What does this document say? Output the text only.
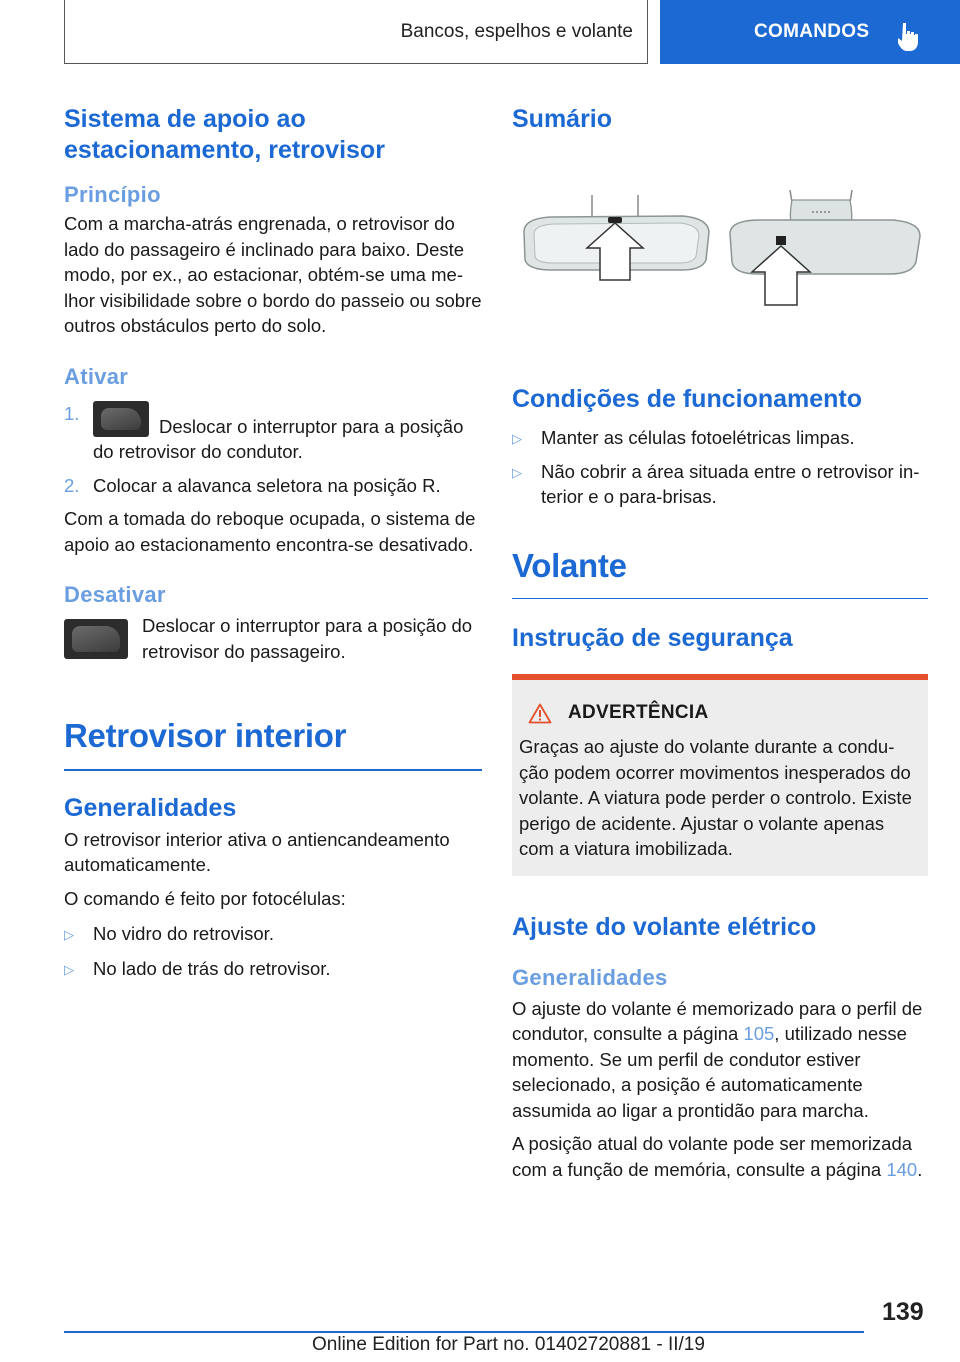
Bancos, espelhos e volante	COMANDOS
Sistema de apoio ao estacionamento, retrovisor
Princípio

Com a marcha-atrás engrenada, o retrovisor do lado do passageiro é inclinado para baixo. Deste modo, por ex., ao estacionar, obtém-se uma melhor visibilidade sobre o bordo do passeio ou sobre outros obstáculos perto do solo.

Ativar
1.
Deslocar o interruptor para a posição do retrovisor do condutor.
2. Colocar a alavanca seletora na posição R.

Com a tomada do reboque ocupada, o sistema de apoio ao estacionamento encontra-se desativado.

Desativar

Deslocar o interruptor para a posição do retrovisor do passageiro.

Retrovisor interior
Generalidades

O retrovisor interior ativa o antiencandeamento automaticamente.

O comando é feito por fotocélulas:

▷	No vidro do retrovisor.
▷	No lado de trás do retrovisor.
Sumário
Condições de funcionamento
▷	Manter as células fotoelétricas limpas.
▷	Não cobrir a área situada entre o retrovisor interior e o para-brisas.
Volante
Instrução de segurança
ADVERTÊNCIA

Graças ao ajuste do volante durante a condução podem ocorrer movimentos inesperados do volante. A viatura pode perder o controlo. Existe perigo de acidente. Ajustar o volante apenas com a viatura imobilizada.

Ajuste do volante elétrico
Generalidades

O ajuste do volante é memorizado para o perfil de condutor, consulte a página 105, utilizado nesse momento. Se um perfil de condutor estiver selecionado, a posição é automaticamente assumida ao ligar a prontidão para marcha.

A posição atual do volante pode ser memorizada com a função de memória, consulte a página 140.

139
Online Edition for Part no. 01402720881 - II/19
